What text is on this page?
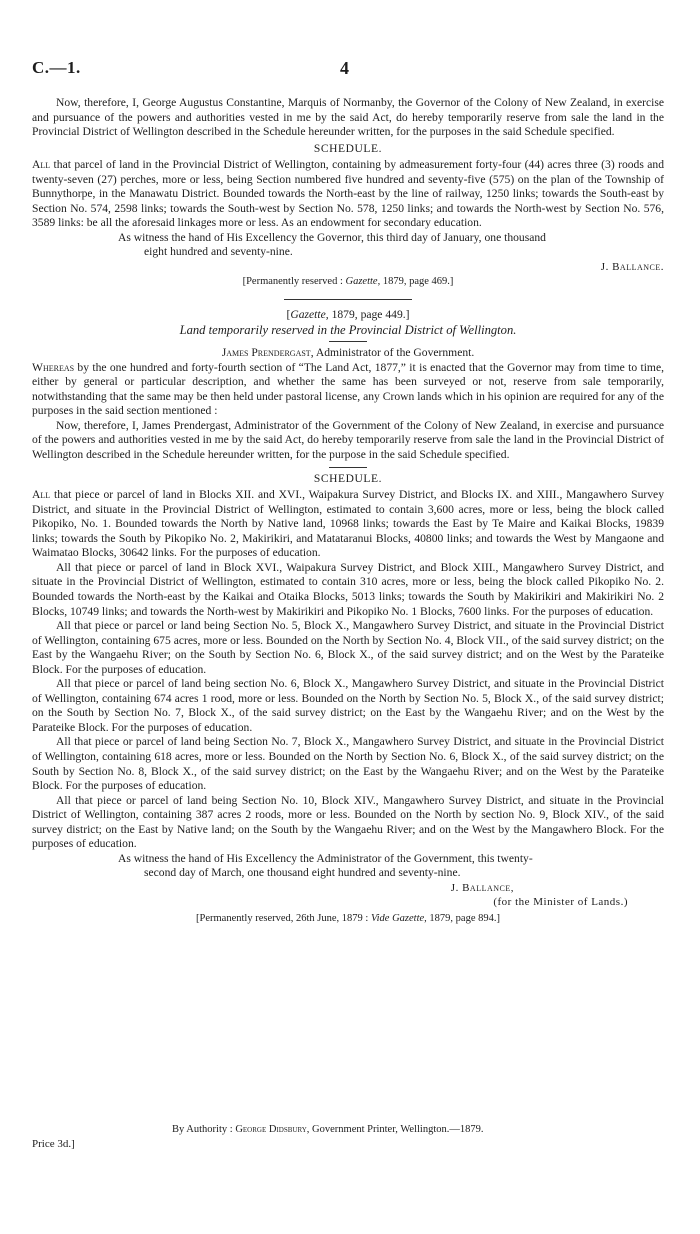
C.—1.	4

Now, therefore, I, George Augustus Constantine, Marquis of Normanby, the Governor of the Colony of New Zealand, in exercise and pursuance of the powers and authorities vested in me by the said Act, do hereby temporarily reserve from sale the land in the Provincial District of Wellington described in the Schedule hereunder written, for the purposes in the said Schedule specified.

SCHEDULE.

All that parcel of land in the Provincial District of Wellington, containing by admeasurement forty-four (44) acres three (3) roods and twenty-seven (27) perches, more or less, being Section numbered five hundred and seventy-five (575) on the plan of the Township of Bunnythorpe, in the Manawatu District. Bounded towards the North-east by the line of railway, 1250 links; towards the South-east by Section No. 574, 2598 links; towards the South-west by Section No. 578, 1250 links; and towards the North-west by Section No. 576, 3589 links: be all the aforesaid linkages more or less. As an endowment for secondary education.

As witness the hand of His Excellency the Governor, this third day of January, one thousand

eight hundred and seventy-nine.

J. Ballance.

[Permanently reserved : Gazette, 1879, page 469.]

[Gazette, 1879, page 449.]

Land temporarily reserved in the Provincial District of Wellington.

James Prendergast, Administrator of the Government.

Whereas by the one hundred and forty-fourth section of “The Land Act, 1877,” it is enacted that the Governor may from time to time, either by general or particular description, and whether the same has been surveyed or not, reserve from sale temporarily, notwithstanding that the same may be then held under pastoral license, any Crown lands which in his opinion are required for any of the purposes in the said section mentioned :

Now, therefore, I, James Prendergast, Administrator of the Government of the Colony of New Zealand, in exercise and pursuance of the powers and authorities vested in me by the said Act, do hereby temporarily reserve from sale the land in the Provincial District of Wellington described in the Schedule hereunder written, for the purpose in the said Schedule specified.

SCHEDULE.

All that piece or parcel of land in Blocks XII. and XVI., Waipakura Survey District, and Blocks IX. and XIII., Mangawhero Survey District, and situate in the Provincial District of Wellington, estimated to contain 3,600 acres, more or less, being the block called Pikopiko, No. 1. Bounded towards the North by Native land, 10968 links; towards the East by Te Maire and Kaikai Blocks, 19839 links; towards the South by Pikopiko No. 2, Makirikiri, and Matataranui Blocks, 40800 links; and towards the West by Mangaone and Waimatao Blocks, 30642 links. For the purposes of education.

All that piece or parcel of land in Block XVI., Waipakura Survey District, and Block XIII., Mangawhero Survey District, and situate in the Provincial District of Wellington, estimated to contain 310 acres, more or less, being the block called Pikopiko No. 2. Bounded towards the North-east by the Kaikai and Otaika Blocks, 5013 links; towards the South by Makirikiri and Makirikiri No. 2 Blocks, 10749 links; and towards the North-west by Makirikiri and Pikopiko No. 1 Blocks, 7600 links. For the purposes of education.

All that piece or parcel or land being Section No. 5, Block X., Mangawhero Survey District, and situate in the Provincial District of Wellington, containing 675 acres, more or less. Bounded on the North by Section No. 4, Block VII., of the said survey district; on the East by the Wangaehu River; on the South by Section No. 6, Block X., of the said survey district; and on the West by the Parateike Block. For the purposes of education.

All that piece or parcel of land being section No. 6, Block X., Mangawhero Survey District, and situate in the Provincial District of Wellington, containing 674 acres 1 rood, more or less. Bounded on the North by Section No. 5, Block X., of the said survey district; on the South by Section No. 7, Block X., of the said survey district; on the East by the Wangaehu River; and on the West by the Parateike Block. For the purposes of education.

All that piece or parcel of land being Section No. 7, Block X., Mangawhero Survey District, and situate in the Provincial District of Wellington, containing 618 acres, more or less. Bounded on the North by Section No. 6, Block X., of the said survey district; on the South by Section No. 8, Block X., of the said survey district; on the East by the Wangaehu River; and on the West by the Parateike Block. For the purposes of education.

All that piece or parcel of land being Section No. 10, Block XIV., Mangawhero Survey District, and situate in the Provincial District of Wellington, containing 387 acres 2 roods, more or less. Bounded on the North by section No. 9, Block XIV., of the said survey district; on the East by Native land; on the South by the Wangaehu River; and on the West by the Mangawhero Block. For the purposes of education.

As witness the hand of His Excellency the Administrator of the Government, this twenty-

second day of March, one thousand eight hundred and seventy-nine.

J. Ballance,

(for the Minister of Lands.)

[Permanently reserved, 26th June, 1879 : Vide Gazette, 1879, page 894.]

By Authority : George Didsbury, Government Printer, Wellington.—1879.
Price 3d.]
